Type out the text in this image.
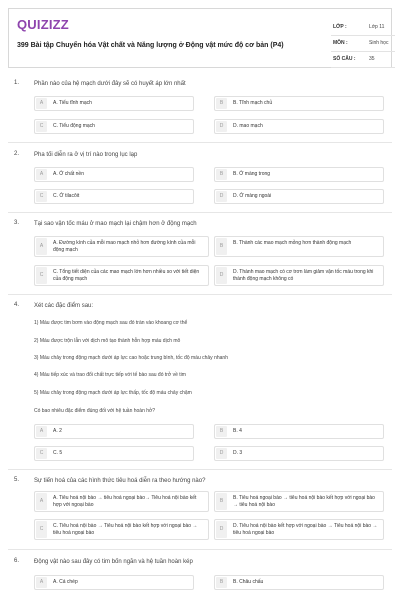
QUIZIZZ
399 Bài tập Chuyển hóa Vật chất và Năng lượng ở Động vật mức độ cơ bản (P4)
LỚP :	Lớp 11
MÔN :	Sinh học
SỐ CÂU :	35
1. Phần nào của hệ mạch dưới đây sẽ có huyết áp lớn nhất
A	A. Tiểu tĩnh mạch	B	B. Tĩnh mạch chủ
C	C. Tiểu động mạch	D	D. mao mạch
2. Pha tối diễn ra ở vị trí nào trong lục lạp
A	A. Ở chất nền	B	B. Ở màng trong
C	C. Ở tilacôit	D	D. Ở màng ngoài
3. Tại sao vận tốc máu ở mao mạch lại chậm hơn ở động mạch
A	A. Đường kính của mỗi mao mạch nhỏ hơn đường kính của mỗi động mạch
B	B. Thành các mao mạch mỏng hơn thành động mạch
C	C. Tổng tiết diện của các mao mạch lớn hơn nhiều so với tiết diện của động mạch
D	D. Thành mao mạch có cơ trơn làm giảm vận tốc máu trong khi thành động mạch không có
4. Xét các đặc điểm sau:
1) Máu được tim bơm vào động mạch sau đó tràn vào khoang cơ thể
2) Máu được trộn lẫn với dịch mô tạo thành hỗn hợp máu dịch mô
3) Máu chảy trong động mạch dưới áp lực cao hoặc trung bình, tốc độ máu chảy nhanh
4) Máu tiếp xúc và trao đổi chất trực tiếp với tế bào sau đó trở về tim
5) Máu chảy trong động mạch dưới áp lực thấp, tốc độ máu chảy chậm
Có bao nhiêu đặc điểm đúng đối với hệ tuần hoàn hở?
A	A. 2	B	B. 4
C	C. 5	D	D. 3
5. Sự tiến hoá của các hình thức tiêu hoá diễn ra theo hướng nào?
A	A. Tiêu hoá nội bào → tiêu hoá ngoại bào→ Tiêu hoá nội bào kết hợp với ngoại bào
B	B. Tiêu hoá ngoại bào → tiêu hoá nội bào kết hợp với ngoại bào → tiêu hoá nội bào
C	C. Tiêu hoá nội bào → Tiêu hoá nội bào kết hợp với ngoại bào → tiêu hoá ngoại bào
D	D. Tiêu hoá nội bào kết hợp với ngoại bào → Tiêu hoá nội bào → tiêu hoá ngoại bào
6. Động vật nào sau đây có tim bốn ngăn và hệ tuần hoàn kép
A	A. Cá chép	B	B. Châu chấu
